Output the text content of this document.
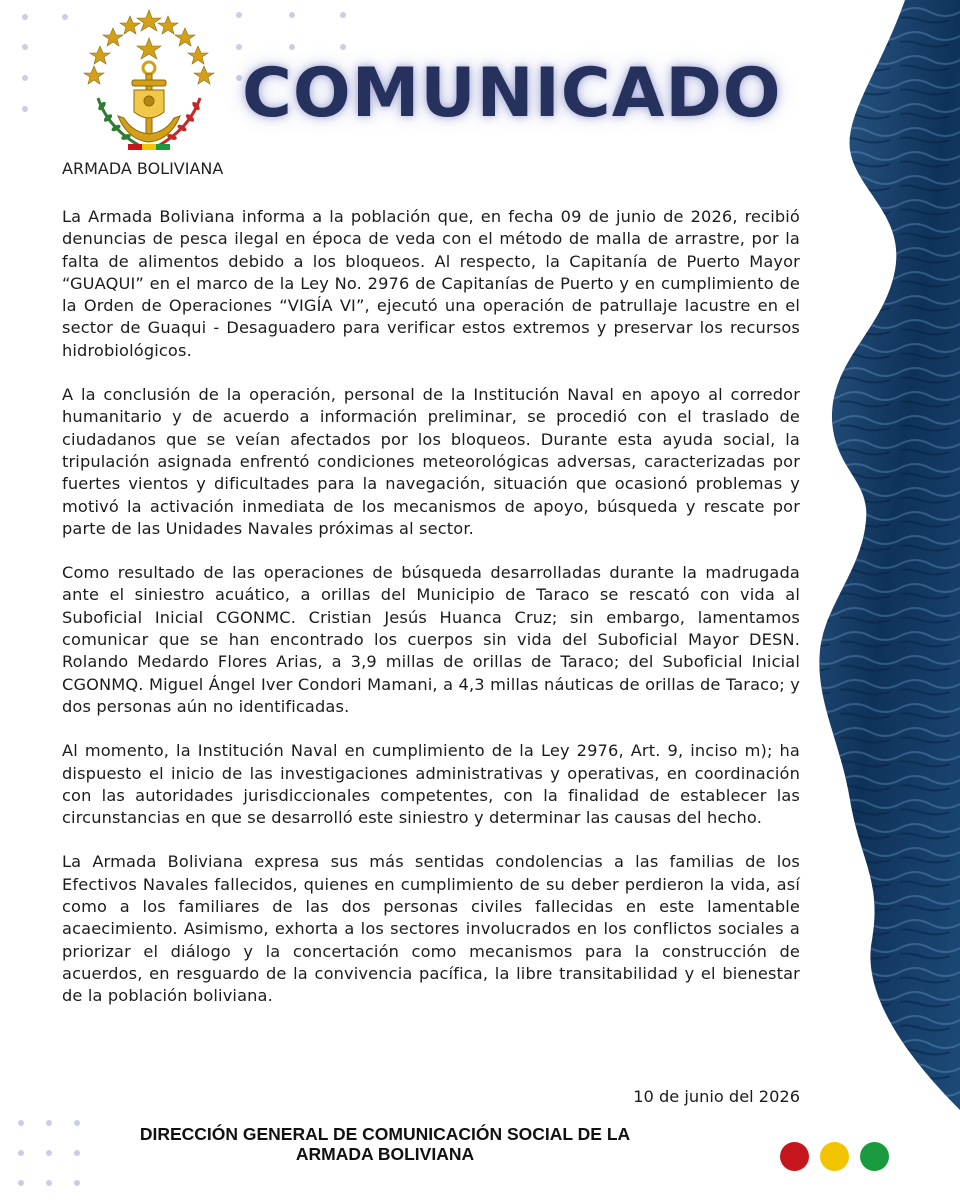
COMUNICADO
ARMADA BOLIVIANA

La Armada Boliviana informa a la población que, en fecha 09 de junio de 2026, recibió denuncias de pesca ilegal en época de veda con el método de malla de arrastre, por la falta de alimentos debido a los bloqueos. Al respecto, la Capitanía de Puerto Mayor “GUAQUI” en el marco de la Ley No. 2976 de Capitanías de Puerto y en cumplimiento de la Orden de Operaciones “VIGÍA VI”, ejecutó una operación de patrullaje lacustre en el sector de Guaqui - Desaguadero para verificar estos extremos y preservar los recursos hidrobiológicos.

A la conclusión de la operación, personal de la Institución Naval en apoyo al corredor humanitario y de acuerdo a información preliminar, se procedió con el traslado de ciudadanos que se veían afectados por los bloqueos. Durante esta ayuda social, la tripulación asignada enfrentó condiciones meteorológicas adversas, caracterizadas por fuertes vientos y dificultades para la navegación, situación que ocasionó problemas y motivó la activación inmediata de los mecanismos de apoyo, búsqueda y rescate por parte de las Unidades Navales próximas al sector.

Como resultado de las operaciones de búsqueda desarrolladas durante la madrugada ante el siniestro acuático, a orillas del Municipio de Taraco se rescató con vida al Suboficial Inicial CGONMC. Cristian Jesús Huanca Cruz; sin embargo, lamentamos comunicar que se han encontrado los cuerpos sin vida del Suboficial Mayor DESN. Rolando Medardo Flores Arias, a 3,9 millas de orillas de Taraco; del Suboficial Inicial CGONMQ. Miguel Ángel Iver Condori Mamani, a 4,3 millas náuticas de orillas de Taraco; y dos personas aún no identificadas.

Al momento, la Institución Naval en cumplimiento de la Ley 2976, Art. 9, inciso m); ha dispuesto el inicio de las investigaciones administrativas y operativas, en coordinación con las autoridades jurisdiccionales competentes, con la finalidad de establecer las circunstancias en que se desarrolló este siniestro y determinar las causas del hecho.

La Armada Boliviana expresa sus más sentidas condolencias a las familias de los Efectivos Navales fallecidos, quienes en cumplimiento de su deber perdieron la vida, así como a los familiares de las dos personas civiles fallecidas en este lamentable acaecimiento. Asimismo, exhorta a los sectores involucrados en los conflictos sociales a priorizar el diálogo y la concertación como mecanismos para la construcción de acuerdos, en resguardo de la convivencia pacífica, la libre transitabilidad y el bienestar de la población boliviana.

10 de junio del 2026
DIRECCIÓN GENERAL DE COMUNICACIÓN SOCIAL DE LA
ARMADA BOLIVIANA
